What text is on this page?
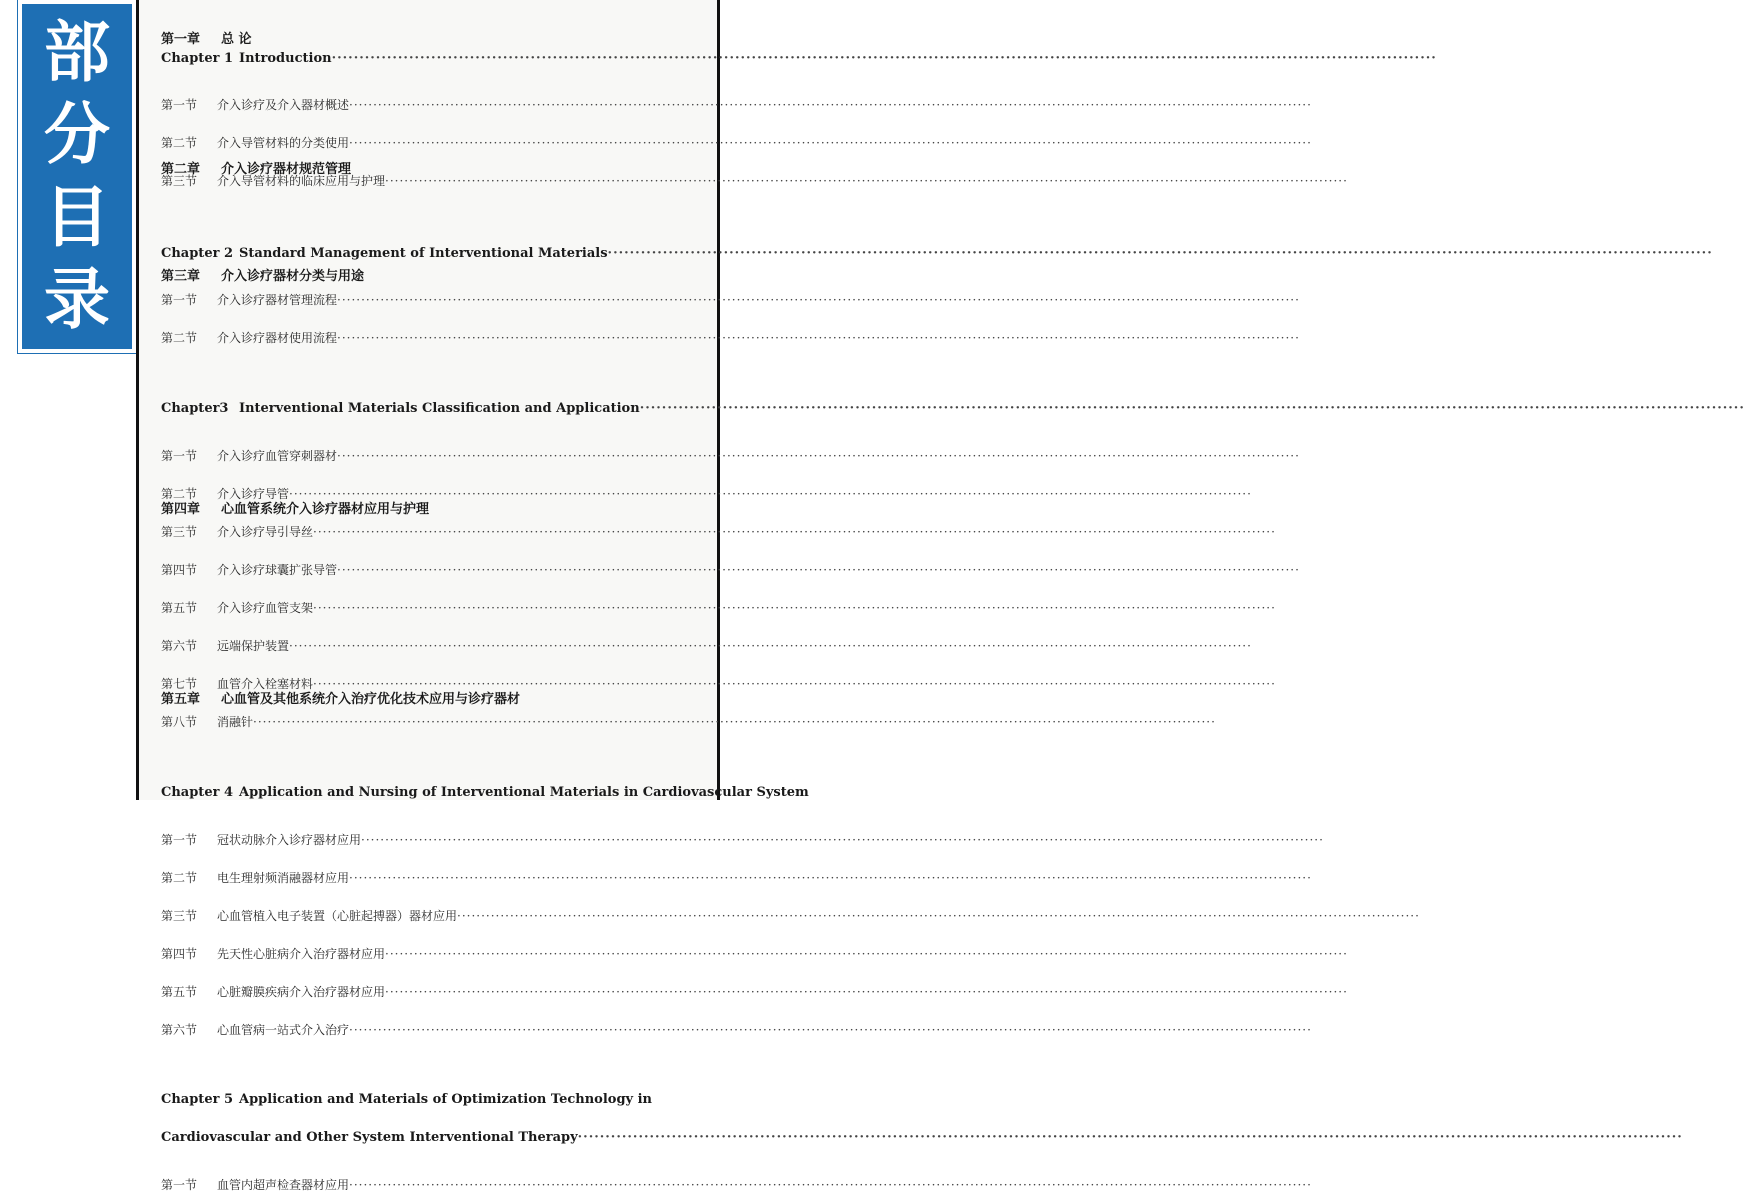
部
分
目
录
第一章 总 论
Chapter 1 Introduction ········································································································································································································
第一节 介入诊疗及介入器材概述 ········································································································································································································
第二节 介入导管材料的分类使用 ········································································································································································································
第三节 介入导管材料的临床应用与护理 ········································································································································································································
第二章 介入诊疗器材规范管理
Chapter 2 Standard Management of Interventional Materials ········································································································································································································
第一节 介入诊疗器材管理流程 ········································································································································································································
第二节 介入诊疗器材使用流程 ········································································································································································································
第三章 介入诊疗器材分类与用途
Chapter3 Interventional Materials Classification and Application ········································································································································································································
第一节 介入诊疗血管穿刺器材 ········································································································································································································
第二节 介入诊疗导管 ········································································································································································································
第三节 介入诊疗导引导丝 ········································································································································································································
第四节 介入诊疗球囊扩张导管 ········································································································································································································
第五节 介入诊疗血管支架 ········································································································································································································
第六节 远端保护装置 ········································································································································································································
第七节 血管介入栓塞材料 ········································································································································································································
第八节 消融针 ········································································································································································································
第四章 心血管系统介入诊疗器材应用与护理
Chapter 4 Application and Nursing of Interventional Materials in Cardiovascular System
第一节 冠状动脉介入诊疗器材应用 ········································································································································································································
第二节 电生理射频消融器材应用 ········································································································································································································
第三节 心血管植入电子装置（心脏起搏器）器材应用 ········································································································································································································
第四节 先天性心脏病介入治疗器材应用 ········································································································································································································
第五节 心脏瓣膜疾病介入治疗器材应用 ········································································································································································································
第六节 心血管病一站式介入治疗 ········································································································································································································
第五章 心血管及其他系统介入治疗优化技术应用与诊疗器材
Chapter 5 Application and Materials of Optimization Technology in
Cardiovascular and Other System Interventional Therapy ········································································································································································································
第一节 血管内超声检查器材应用 ········································································································································································································
